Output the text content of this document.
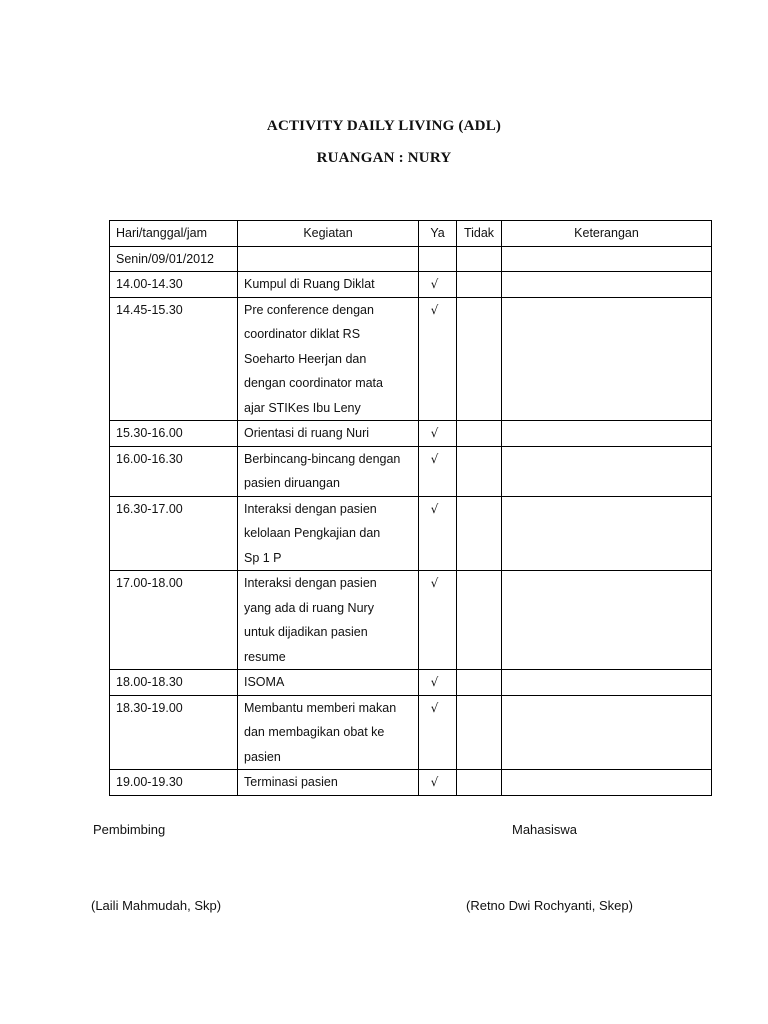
ACTIVITY DAILY LIVING (ADL)
RUANGAN : NURY
Hari/tanggal/jam	Kegiatan	Ya	Tidak	Keterangan
Senin/09/01/2012				
14.00-14.30	Kumpul di Ruang Diklat	√		
14.45-15.30	Pre conference dengan
coordinator diklat RS
Soeharto Heerjan dan
dengan coordinator mata
ajar STIKes Ibu Leny	√		
15.30-16.00	Orientasi di ruang Nuri	√		
16.00-16.30	Berbincang-bincang dengan
pasien diruangan	√		
16.30-17.00	Interaksi dengan pasien
kelolaan Pengkajian dan
Sp 1 P	√		
17.00-18.00	Interaksi dengan pasien
yang ada di ruang Nury
untuk dijadikan pasien
resume	√		
18.00-18.30	ISOMA	√		
18.30-19.00	Membantu memberi makan
dan membagikan obat ke
pasien	√		
19.00-19.30	Terminasi pasien	√		
Pembimbing	Mahasiswa
(Laili Mahmudah, Skp)	(Retno Dwi Rochyanti, Skep)
